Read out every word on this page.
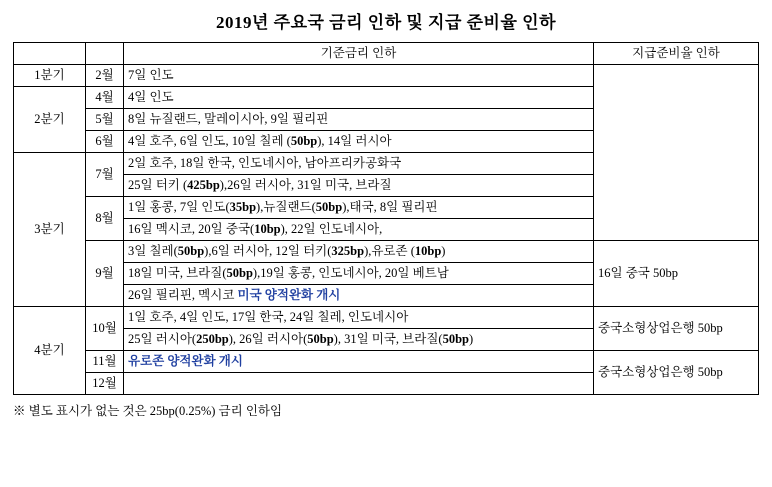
2019년 주요국 금리 인하 및 지급 준비율 인하
		기준금리 인하	지급준비율 인하
1분기	2월	7일 인도	
2분기	4월	4일 인도	
	5월	8일 뉴질랜드, 말레이시아, 9일 필리핀	
	6월	4일 호주, 6일 인도, 10일 칠레 (50bp), 14일 러시아	
3분기	7월	2일 호주, 18일 한국, 인도네시아, 남아프리카공화국	
		25일 터키 (425bp),26일 러시아, 31일 미국, 브라질	
	8월	1일 홍콩, 7일 인도(35bp),뉴질랜드(50bp),태국, 8일 필리핀	
		16일 멕시코, 20일 중국(10bp), 22일 인도네시아,	
	9월	3일 칠레(50bp),6일 러시아, 12일 터키(325bp),유로존 (10bp)	16일 중국 50bp
		18일 미국, 브라질(50bp),19일 홍콩, 인도네시아, 20일 베트남	
		26일 필리핀, 멕시코 미국 양적완화 개시	
4분기	10월	1일 호주, 4일 인도, 17일 한국, 24일 칠레, 인도네시아	중국소형상업은행 50bp
		25일 러시아(250bp), 26일 러시아(50bp), 31일 미국, 브라질(50bp)	
	11월	유로존 양적완화 개시	중국소형상업은행 50bp
	12월		
※ 별도 표시가 없는 것은 25bp(0.25%) 금리 인하임
